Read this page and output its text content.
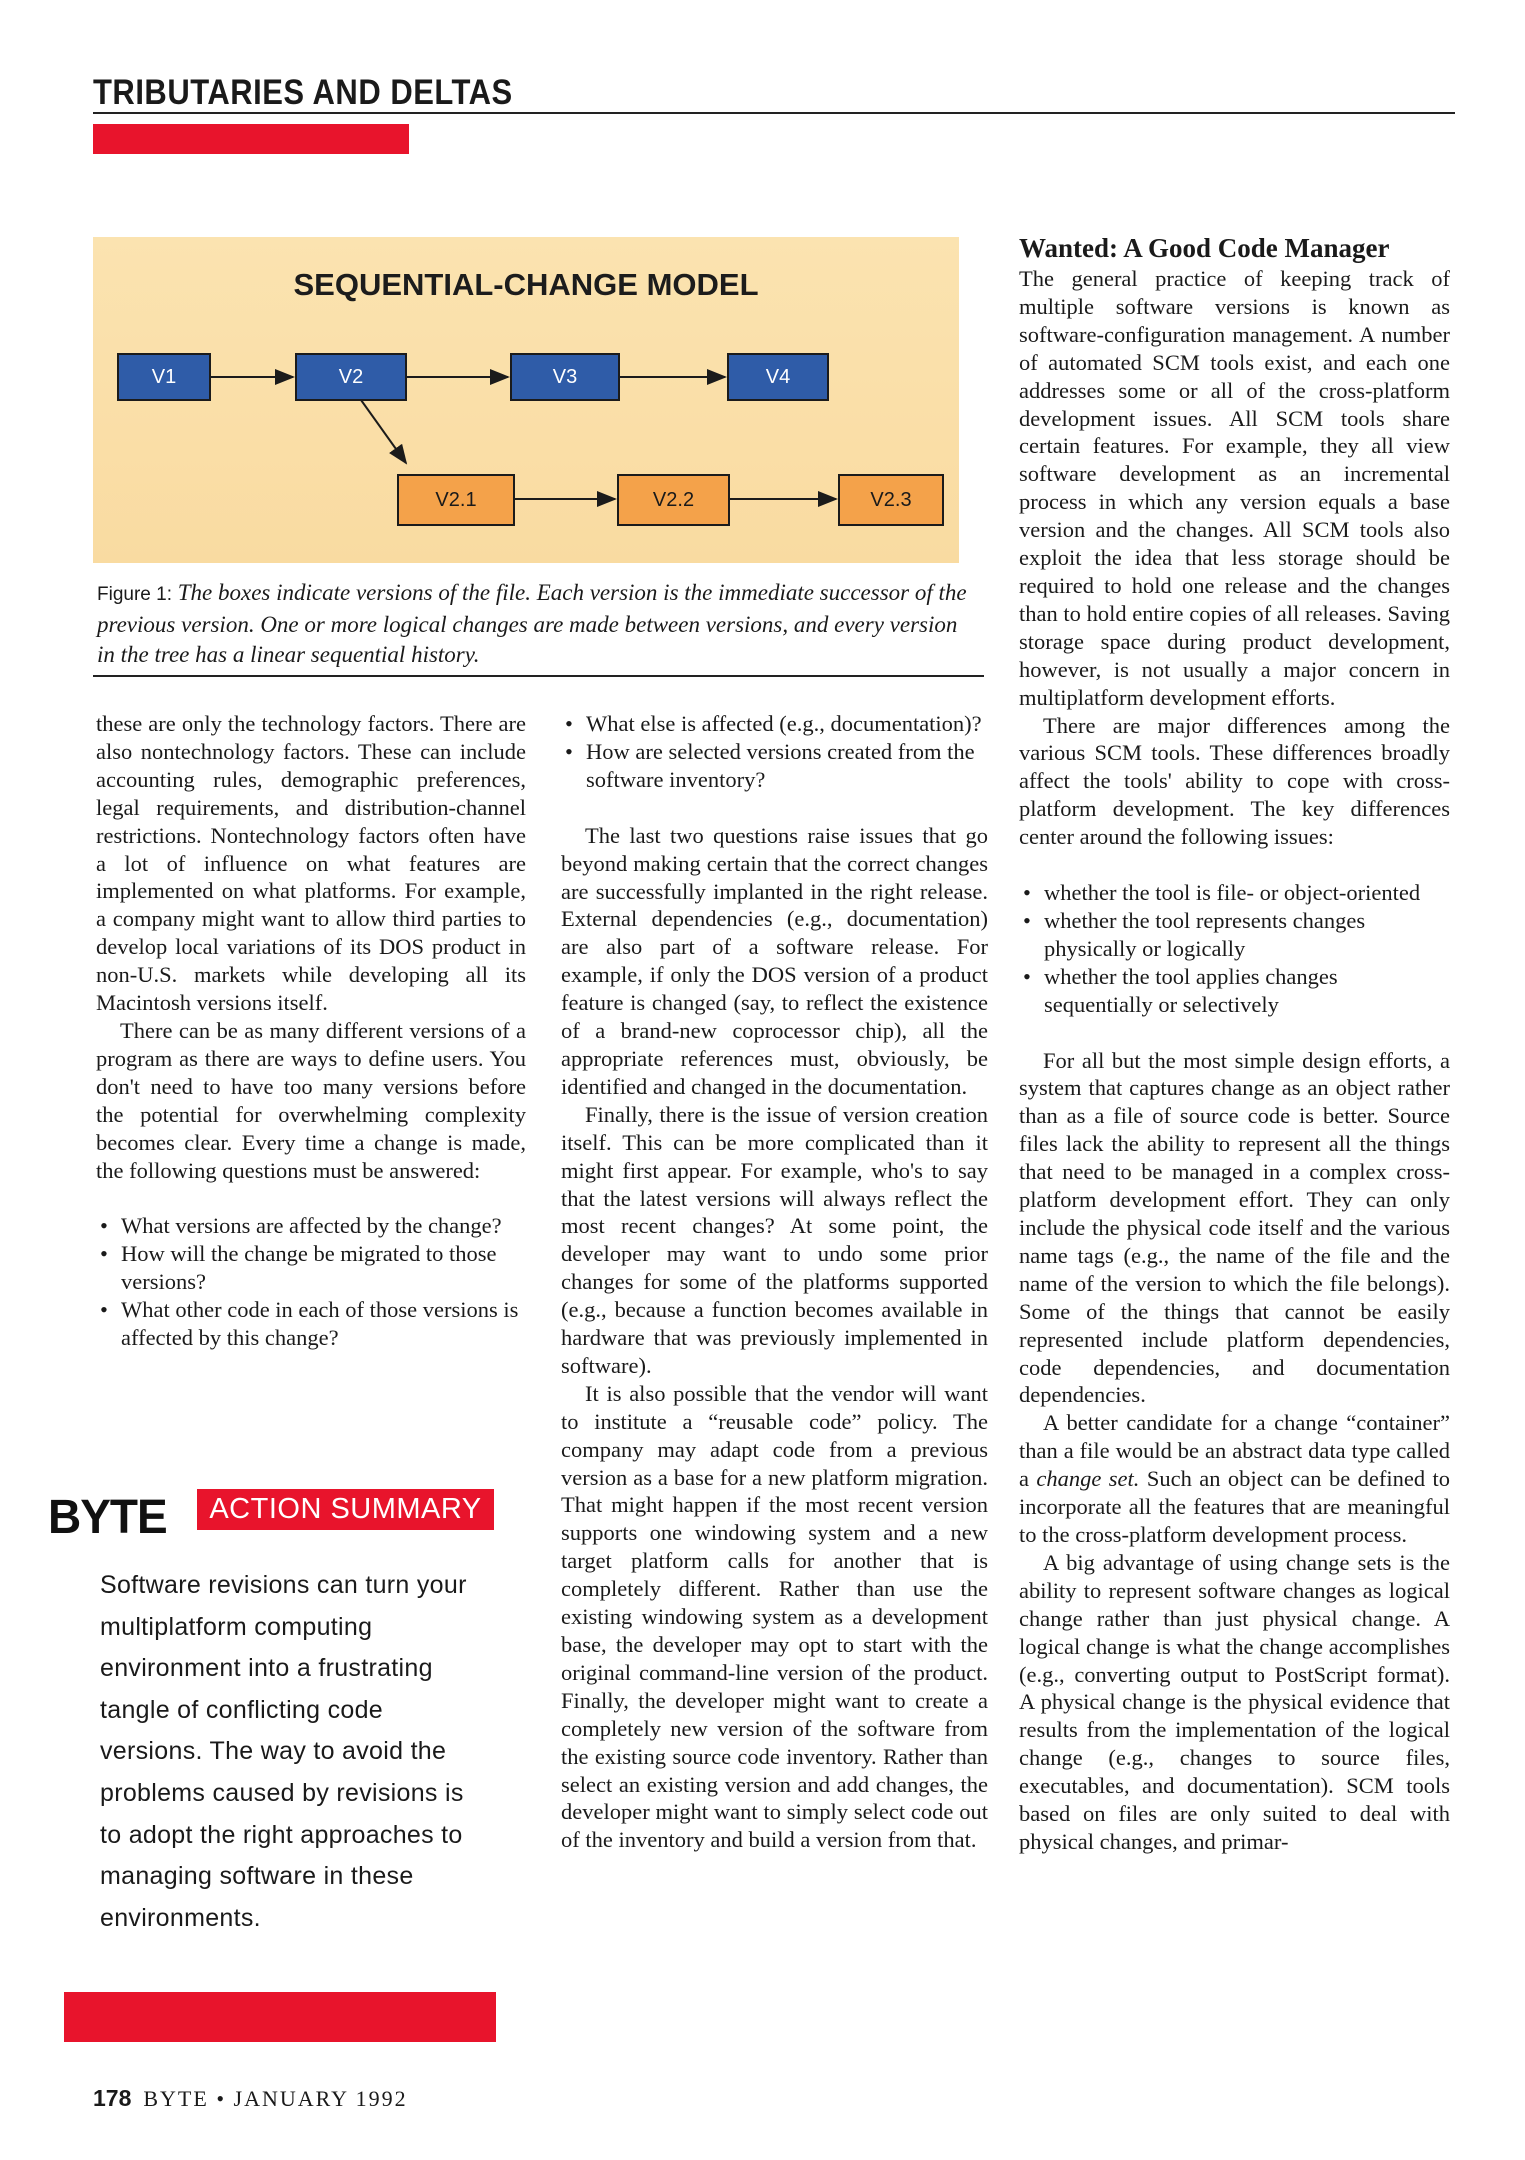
TRIBUTARIES AND DELTAS
SEQUENTIAL-CHANGE MODEL
V1	V2	V3	V4
V2.1	V2.2	V2.3
Figure 1: The boxes indicate versions of the file. Each version is the immediate successor of the previous version. One or more logical changes are made between versions, and every version in the tree has a linear sequential history.

these are only the technology factors. There are also nontechnology factors. These can include accounting rules, demographic preferences, legal requirements, and distribution-channel restrictions. Nontechnology factors often have a lot of influence on what features are implemented on what platforms. For example, a company might want to allow third parties to develop local variations of its DOS product in non-U.S. markets while developing all its Macintosh versions itself.

There can be as many different versions of a program as there are ways to define users. You don't need to have too many versions before the potential for overwhelming complexity becomes clear. Every time a change is made, the following questions must be answered:

• What versions are affected by the change?
• How will the change be migrated to those versions?
• What other code in each of those versions is affected by this change?
BYTE	ACTION SUMMARY
Software revisions can turn your multiplatform computing environment into a frustrating tangle of conflicting code versions. The way to avoid the problems caused by revisions is to adopt the right approaches to managing software in these environments.
• What else is affected (e.g., documentation)?
• How are selected versions created from the software inventory?

The last two questions raise issues that go beyond making certain that the correct changes are successfully implanted in the right release. External dependencies (e.g., documentation) are also part of a software release. For example, if only the DOS version of a product feature is changed (say, to reflect the existence of a brand-new coprocessor chip), all the appropriate references must, obviously, be identified and changed in the documentation.

Finally, there is the issue of version creation itself. This can be more complicated than it might first appear. For example, who's to say that the latest versions will always reflect the most recent changes? At some point, the developer may want to undo some prior changes for some of the platforms supported (e.g., because a function becomes available in hardware that was previously implemented in software).

It is also possible that the vendor will want to institute a “reusable code” policy. The company may adapt code from a previous version as a base for a new platform migration. That might happen if the most recent version supports one windowing system and a new target platform calls for another that is completely different. Rather than use the existing windowing system as a development base, the developer may opt to start with the original command-line version of the product. Finally, the developer might want to create a completely new version of the software from the existing source code inventory. Rather than select an existing version and add changes, the developer might want to simply select code out of the inventory and build a version from that.

Wanted: A Good Code Manager

The general practice of keeping track of multiple software versions is known as software-configuration management. A number of automated SCM tools exist, and each one addresses some or all of the cross-platform development issues. All SCM tools share certain features. For example, they all view software development as an incremental process in which any version equals a base version and the changes. All SCM tools also exploit the idea that less storage should be required to hold one release and the changes than to hold entire copies of all releases. Saving storage space during product development, however, is not usually a major concern in multiplatform development efforts.

There are major differences among the various SCM tools. These differences broadly affect the tools' ability to cope with cross-platform development. The key differences center around the following issues:

• whether the tool is file- or object-oriented
• whether the tool represents changes physically or logically
• whether the tool applies changes sequentially or selectively

For all but the most simple design efforts, a system that captures change as an object rather than as a file of source code is better. Source files lack the ability to represent all the things that need to be managed in a complex cross-platform development effort. They can only include the physical code itself and the various name tags (e.g., the name of the file and the name of the version to which the file belongs). Some of the things that cannot be easily represented include platform dependencies, code dependencies, and documentation dependencies.

A better candidate for a change “container” than a file would be an abstract data type called a change set. Such an object can be defined to incorporate all the features that are meaningful to the cross-platform development process.

A big advantage of using change sets is the ability to represent software changes as logical change rather than just physical change. A logical change is what the change accomplishes (e.g., converting output to PostScript format). A physical change is the physical evidence that results from the implementation of the logical change (e.g., changes to source files, executables, and documentation). SCM tools based on files are only suited to deal with physical changes, and primar-

178 BYTE • JANUARY 1992
